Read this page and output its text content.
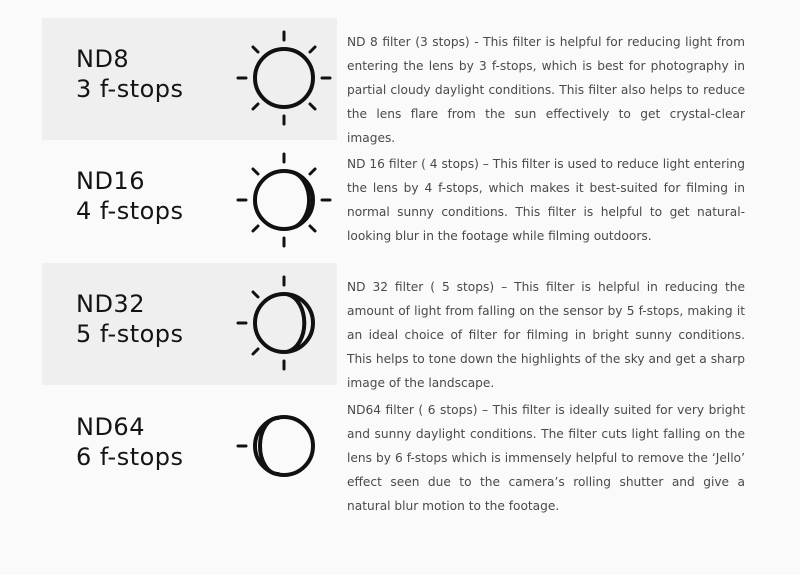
ND8
3 f-stops

ND 8 filter (3 stops) - This filter is helpful for reducing light from entering the lens by 3 f-stops, which is best for photography in partial cloudy daylight conditions. This filter also helps to reduce the lens flare from the sun effectively to get crystal-clear images.

ND16
4 f-stops

ND 16 filter ( 4 stops) – This filter is used to reduce light entering the lens by 4 f-stops, which makes it best-suited for filming in normal sunny conditions. This filter is helpful to get natural-looking blur in the footage while filming outdoors.

ND32
5 f-stops

ND 32 filter ( 5 stops) – This filter is helpful in reducing the amount of light from falling on the sensor by 5 f-stops, making it an ideal choice of filter for filming in bright sunny conditions. This helps to tone down the highlights of the sky and get a sharp image of the landscape.

ND64
6 f-stops

ND64 filter ( 6 stops) – This filter is ideally suited for very bright and sunny daylight conditions. The filter cuts light falling on the lens by 6 f-stops which is immensely helpful to remove the ‘Jello’ effect seen due to the camera’s rolling shutter and give a natural blur motion to the footage.
